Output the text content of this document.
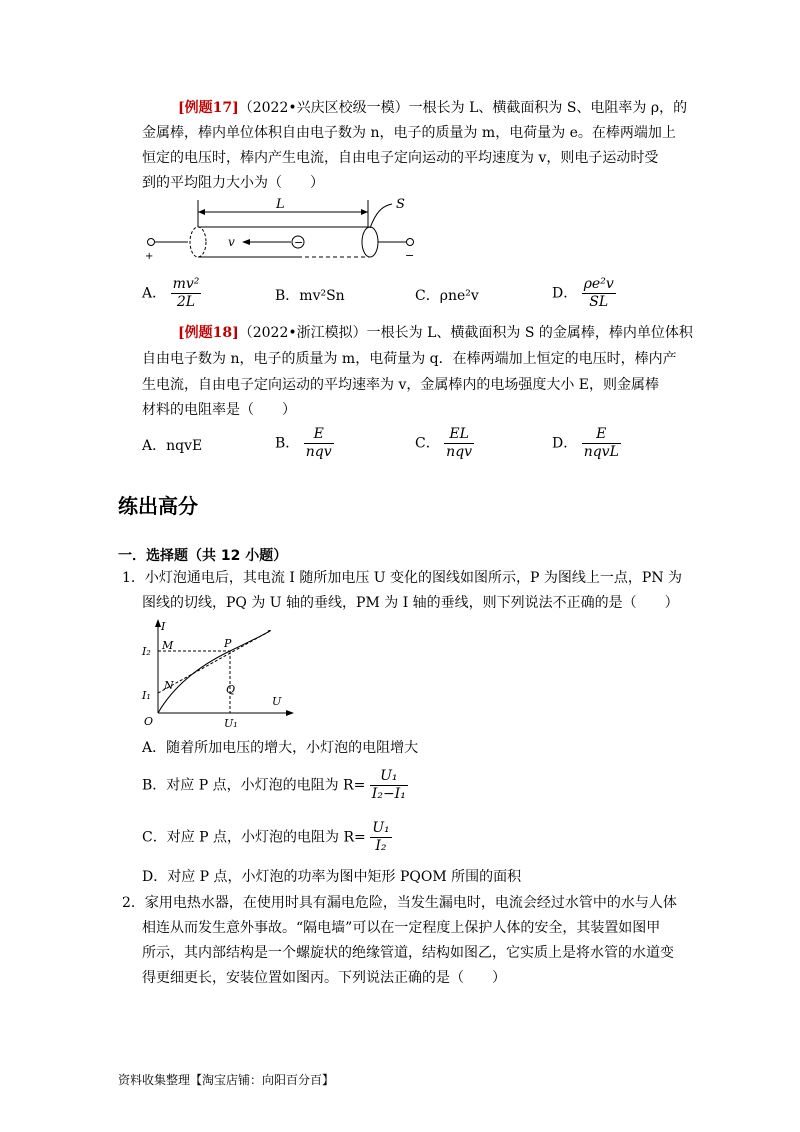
[例题17]（2022•兴庆区校级一模）一根长为 L、横截面积为 S、电阻率为 ρ，的
金属棒，棒内单位体积自由电子数为 n，电子的质量为 m，电荷量为 e。在棒两端加上
恒定的电压时，棒内产生电流，自由电子定向运动的平均速度为 v，则电子运动时受
到的平均阻力大小为（　　）
+	−
L	S
−
v
A． $\frac{\text{mv²}}{2L}$	B．mv²Sn	C．ρne²v	D． $\frac{\text{ρe²v}}{SL}$
[例题18]（2022•浙江模拟）一根长为 L、横截面积为 S 的金属棒，棒内单位体积
自由电子数为 n，电子的质量为 m，电荷量为 q．在棒两端加上恒定的电压时，棒内产
生电流，自由电子定向运动的平均速率为 v，金属棒内的电场强度大小 E，则金属棒
材料的电阻率是（　　）
A．nqvE	B． $\frac{E}{\text{nqv}}$	C． $\frac{EL}{\text{nqv}}$	D． $\frac{E}{\text{nqvL}}$
练出高分
一．选择题（共 12 小题）
1．小灯泡通电后，其电流 I 随所加电压 U 变化的图线如图所示，P 为图线上一点，PN 为
图线的切线，PQ 为 U 轴的垂线，PM 为 I 轴的垂线，则下列说法不正确的是（　　）
I
U
I₂ M	P
N
I₁	Q
O	U₁
A．随着所加电压的增大，小灯泡的电阻增大
B．对应 P 点，小灯泡的电阻为 $R= \frac{\text{U₁}}{\text{I₂−I₁}}$
C．对应 P 点，小灯泡的电阻为 $R= \frac{\text{U₁}}{\text{I₂}}$
D．对应 P 点，小灯泡的功率为图中矩形 PQOM 所围的面积
2．家用电热水器，在使用时具有漏电危险，当发生漏电时，电流会经过水管中的水与人体
相连从而发生意外事故。“隔电墙”可以在一定程度上保护人体的安全，其装置如图甲
所示，其内部结构是一个螺旋状的绝缘管道，结构如图乙，它实质上是将水管的水道变
得更细更长，安装位置如图丙。下列说法正确的是（　　）
资料收集整理【淘宝店铺：向阳百分百】
